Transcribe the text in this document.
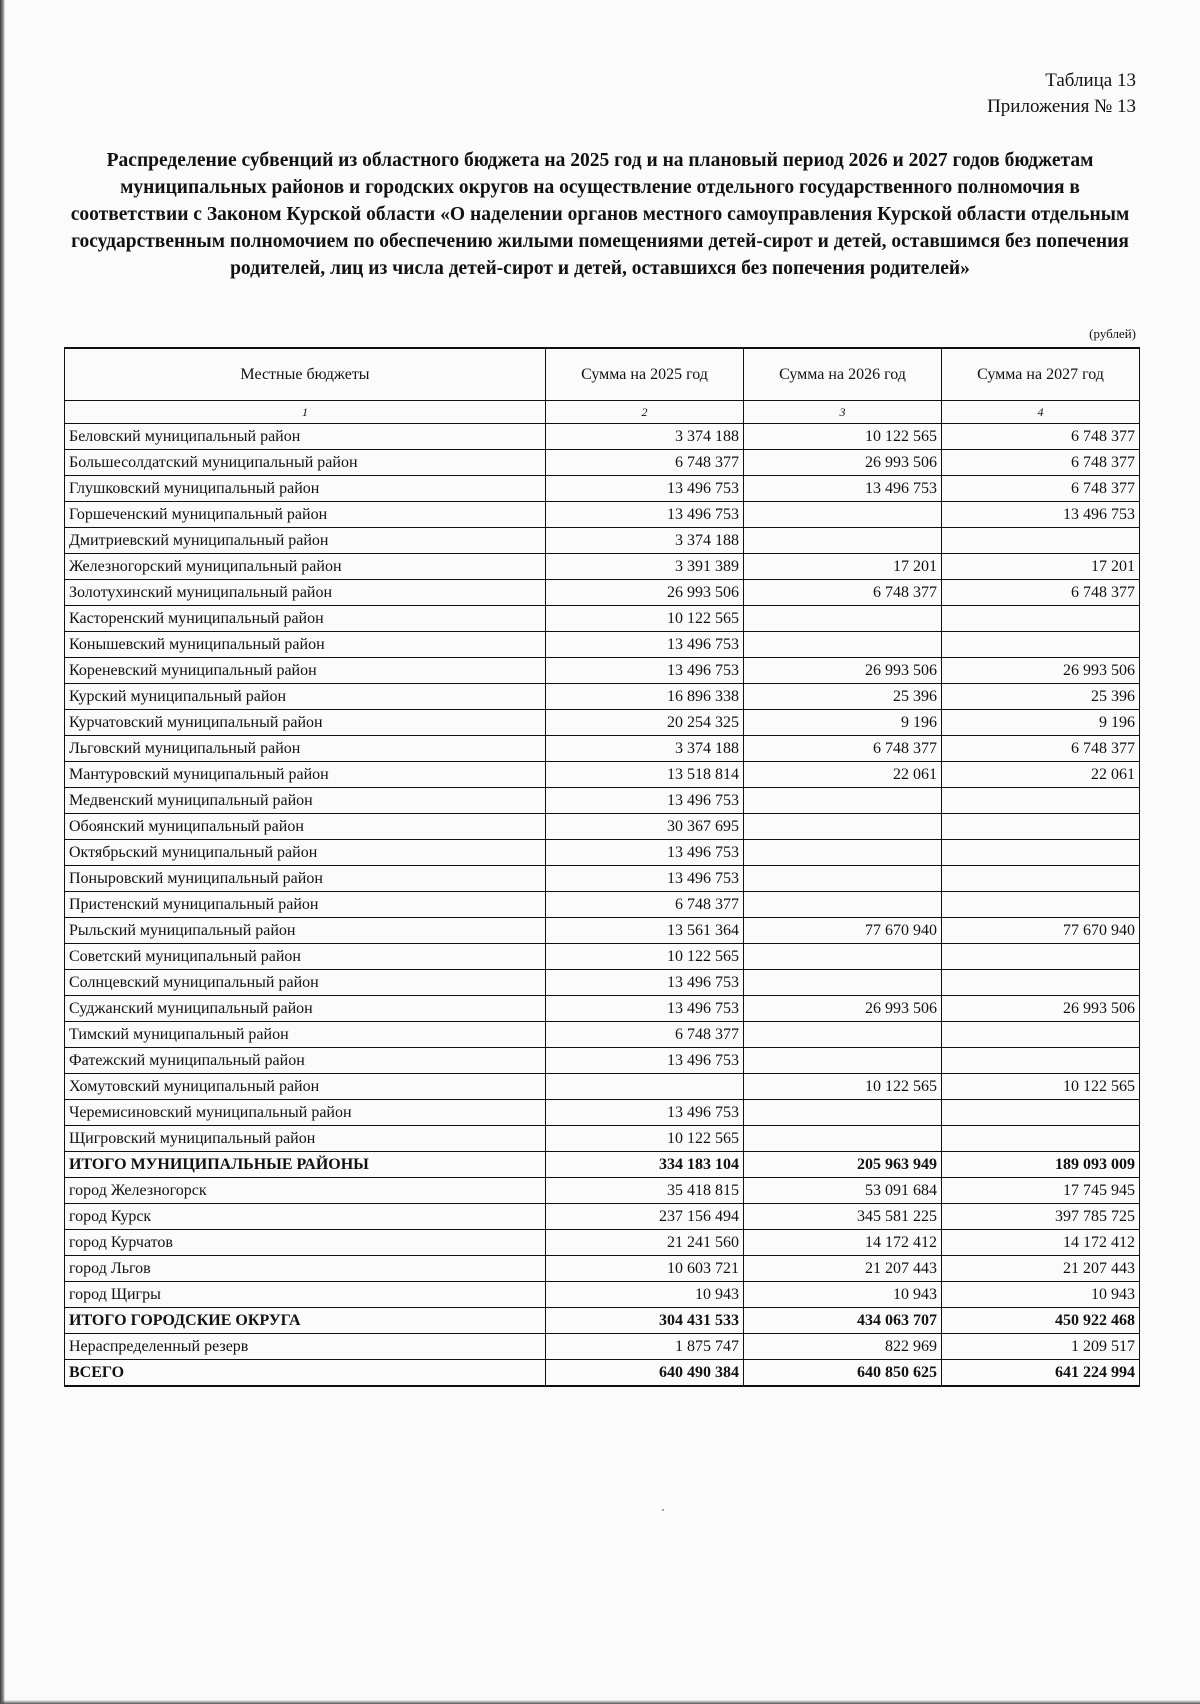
Таблица 13
Приложения № 13
Распределение субвенций из областного бюджета на 2025 год и на плановый период 2026 и 2027 годов бюджетам муниципальных районов и городских округов на осуществление отдельного государственного полномочия в соответствии с Законом Курской области «О наделении органов местного самоуправления Курской области отдельным государственным полномочием по обеспечению жилыми помещениями детей-сирот и детей, оставшимся без попечения родителей, лиц из числа детей-сирот и детей, оставшихся без попечения родителей»
(рублей)
Местные бюджеты	Сумма на 2025 год	Сумма на 2026 год	Сумма на 2027 год
1	2	3	4
Беловский муниципальный район	3 374 188	10 122 565	6 748 377
Большесолдатский муниципальный район	6 748 377	26 993 506	6 748 377
Глушковский муниципальный район	13 496 753	13 496 753	6 748 377
Горшеченский муниципальный район	13 496 753		13 496 753
Дмитриевский муниципальный район	3 374 188		
Железногорский муниципальный район	3 391 389	17 201	17 201
Золотухинский муниципальный район	26 993 506	6 748 377	6 748 377
Касторенский муниципальный район	10 122 565		
Конышевский муниципальный район	13 496 753		
Кореневский муниципальный район	13 496 753	26 993 506	26 993 506
Курский муниципальный район	16 896 338	25 396	25 396
Курчатовский муниципальный район	20 254 325	9 196	9 196
Льговский муниципальный район	3 374 188	6 748 377	6 748 377
Мантуровский муниципальный район	13 518 814	22 061	22 061
Медвенский муниципальный район	13 496 753		
Обоянский муниципальный район	30 367 695		
Октябрьский муниципальный район	13 496 753		
Поныровский муниципальный район	13 496 753		
Пристенский муниципальный район	6 748 377		
Рыльский муниципальный район	13 561 364	77 670 940	77 670 940
Советский муниципальный район	10 122 565		
Солнцевский муниципальный район	13 496 753		
Суджанский муниципальный район	13 496 753	26 993 506	26 993 506
Тимский муниципальный район	6 748 377		
Фатежский муниципальный район	13 496 753		
Хомутовский муниципальный район		10 122 565	10 122 565
Черемисиновский муниципальный район	13 496 753		
Щигровский муниципальный район	10 122 565		
ИТОГО МУНИЦИПАЛЬНЫЕ РАЙОНЫ	334 183 104	205 963 949	189 093 009
город Железногорск	35 418 815	53 091 684	17 745 945
город Курск	237 156 494	345 581 225	397 785 725
город Курчатов	21 241 560	14 172 412	14 172 412
город Льгов	10 603 721	21 207 443	21 207 443
город Щигры	10 943	10 943	10 943
ИТОГО ГОРОДСКИЕ ОКРУГА	304 431 533	434 063 707	450 922 468
Нераспределенный резерв	1 875 747	822 969	1 209 517
ВСЕГО	640 490 384	640 850 625	641 224 994
